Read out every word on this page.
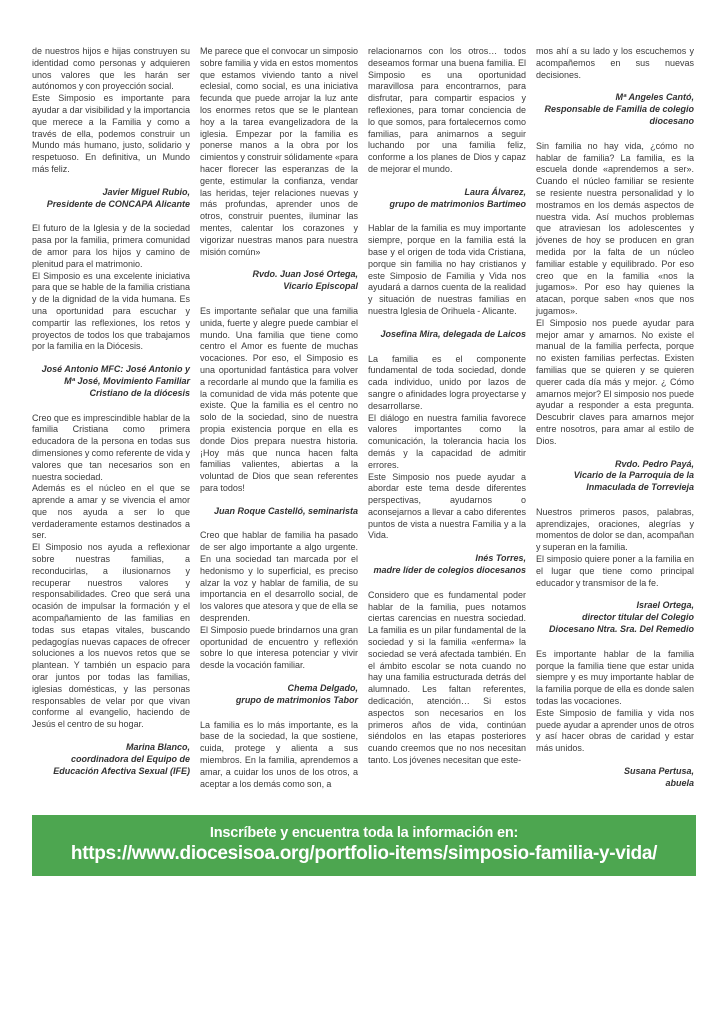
de nuestros hijos e hijas construyen su identidad como personas y adquieren unos valores que les harán ser autónomos y con proyección social.
Este Simposio es importante para ayudar a dar visibilidad y la importancia que merece a la Familia y como a través de ella, podemos construir un Mundo más humano, justo, solidario y respetuoso. En definitiva, un Mundo más feliz.
Javier Miguel Rubio,
Presidente de CONCAPA Alicante
El futuro de la Iglesia y de la sociedad pasa por la familia, primera comunidad de amor para los hijos y camino de plenitud para el matrimonio.
El Simposio es una excelente iniciativa para que se hable de la familia cristiana y de la dignidad de la vida humana. Es una oportunidad para escuchar y compartir las reflexiones, los retos y proyectos de todos los que trabajamos por la familia en la Diócesis.
José Antonio MFC: José Antonio y
Mª José, Movimiento Familiar
Cristiano de la diócesis
Creo que es imprescindible hablar de la familia Cristiana como primera educadora de la persona en todas sus dimensiones y como referente de vida y valores que tan necesarios son en nuestra sociedad.
Además es el núcleo en el que se aprende a amar y se vivencia el amor que nos ayuda a ser lo que verdaderamente estamos destinados a ser.
El Simposio nos ayuda a reflexionar sobre nuestras familias, a reconducirlas, a ilusionarnos y recuperar nuestros valores y responsabilidades. Creo que será una ocasión de impulsar la formación y el acompañamiento de las familias en todas sus etapas vitales, buscando pedagogías nuevas capaces de ofrecer soluciones a los nuevos retos que se plantean. Y también un espacio para orar juntos por todas las familias, iglesias domésticas, y las personas responsables de velar por que vivan conforme al evangelio, haciendo de Jesús el centro de su hogar.
Marina Blanco,
coordinadora del Equipo de Educación Afectiva Sexual (IFE)
Me parece que el convocar un simposio sobre familia y vida en estos momentos que estamos viviendo tanto a nivel eclesial, como social, es una iniciativa fecunda que puede arrojar la luz ante los enormes retos que se le plantean hoy a la tarea evangelizadora de la iglesia. Empezar por la familia es ponerse manos a la obra por los cimientos y construir sólidamente «para hacer florecer las esperanzas de la gente, estimular la confianza, vendar las heridas, tejer relaciones nuevas y más profundas, aprender unos de otros, construir puentes, iluminar las mentes, calentar los corazones y vigorizar nuestras manos para nuestra misión común»
Rvdo. Juan José Ortega,
Vicario Episcopal
Es importante señalar que una familia unida, fuerte y alegre puede cambiar el mundo. Una familia que tiene como centro el Amor es fuente de muchas vocaciones. Por eso, el Simposio es una oportunidad fantástica para volver a recordarle al mundo que la familia es la comunidad de vida más potente que existe. Que la familia es el centro no solo de la sociedad, sino de nuestra propia existencia porque en ella es donde Dios prepara nuestra historia. ¡Hoy más que nunca hacen falta familias valientes, abiertas a la voluntad de Dios que sean referentes para todos!
Juan Roque Castelló, seminarista
Creo que hablar de familia ha pasado de ser algo importante a algo urgente. En una sociedad tan marcada por el hedonismo y lo superficial, es preciso alzar la voz y hablar de familia, de su importancia en el desarrollo social, de los valores que atesora y que de ella se desprenden.
El Simposio puede brindarnos una gran oportunidad de encuentro y reflexión sobre lo que interesa potenciar y vivir desde la vocación familiar.
Chema Delgado,
grupo de matrimonios Tabor
La familia es lo más importante, es la base de la sociedad, la que sostiene, cuida, protege y alienta a sus miembros. En la familia, aprendemos a amar, a cuidar los unos de los otros, a aceptar a los demás como son, a
relacionarnos con los otros… todos deseamos formar una buena familia. El Simposio es una oportunidad maravillosa para encontrarnos, para disfrutar, para compartir espacios y reflexiones, para tomar conciencia de lo que somos, para fortalecernos como familias, para animarnos a seguir luchando por una familia feliz, conforme a los planes de Dios y capaz de mejorar el mundo.
Laura Álvarez,
grupo de matrimonios Bartimeo
Hablar de la familia es muy importante siempre, porque en la familia está la base y el origen de toda vida Cristiana, porque sin familia no hay cristianos y este Simposio de Familia y Vida nos ayudará a darnos cuenta de la realidad y situación de nuestras familias en nuestra Iglesia de Orihuela - Alicante.
Josefina Mira, delegada de Laicos
La familia es el componente fundamental de toda sociedad, donde cada individuo, unido por lazos de sangre o afinidades logra proyectarse y desarrollarse.
El diálogo en nuestra familia favorece valores importantes como la comunicación, la tolerancia hacia los demás y la capacidad de admitir errores.
Este Simposio nos puede ayudar a abordar este tema desde diferentes perspectivas, ayudarnos o aconsejarnos a llevar a cabo diferentes puntos de vista a nuestra Familia y a la Vida.
Inés Torres,
madre líder de colegios diocesanos
Considero que es fundamental poder hablar de la familia, pues notamos ciertas carencias en nuestra sociedad. La familia es un pilar fundamental de la sociedad y si la familia «enferma» la sociedad se verá afectada también. En el ámbito escolar se nota cuando no hay una familia estructurada detrás del alumnado. Les faltan referentes, dedicación, atención… Si estos aspectos son necesarios en los primeros años de vida, continúan siéndolos en las etapas posteriores cuando creemos que no nos necesitan tanto. Los jóvenes necesitan que este-
mos ahí a su lado y los escuchemos y acompañemos en sus nuevas decisiones.
Mª Angeles Cantó,
Responsable de Familia de colegio diocesano
Sin familia no hay vida, ¿cómo no hablar de familia? La familia, es la escuela donde «aprendemos a ser». Cuando el núcleo familiar se resiente se resiente nuestra personalidad y lo mostramos en los demás aspectos de nuestra vida. Así muchos problemas que atraviesan los adolescentes y jóvenes de hoy se producen en gran medida por la falta de un núcleo familiar estable y equilibrado. Por eso creo que en la familia «nos la jugamos». Por eso hay quienes la atacan, porque saben «nos que nos jugamos».
El Simposio nos puede ayudar para mejor amar y amarnos. No existe el manual de la familia perfecta, porque no existen familias perfectas. Existen familias que se quieren y se quieren querer cada día más y mejor. ¿ Cómo amarnos mejor? El simposio nos puede ayudar a responder a esta pregunta. Descubrir claves para amarnos mejor entre nosotros, para amar al estilo de Dios.
Rvdo. Pedro Payá,
Vicario de la Parroquia de la Inmaculada de Torrevieja
Nuestros primeros pasos, palabras, aprendizajes, oraciones, alegrías y momentos de dolor se dan, acompañan y superan en la familia.
El simposio quiere poner a la familia en el lugar que tiene como principal educador y transmisor de la fe.
Israel Ortega,
director titular del Colegio Diocesano Ntra. Sra. Del Remedio
Es importante hablar de la familia porque la familia tiene que estar unida siempre y es muy importante hablar de la familia porque de ella es donde salen todas las vocaciones.
Este Simposio de familia y vida nos puede ayudar a aprender unos de otros y así hacer obras de caridad y estar más unidos.
Susana Pertusa,
abuela
Inscríbete y encuentra toda la información en:
https://www.diocesisoa.org/portfolio-items/simposio-familia-y-vida/
